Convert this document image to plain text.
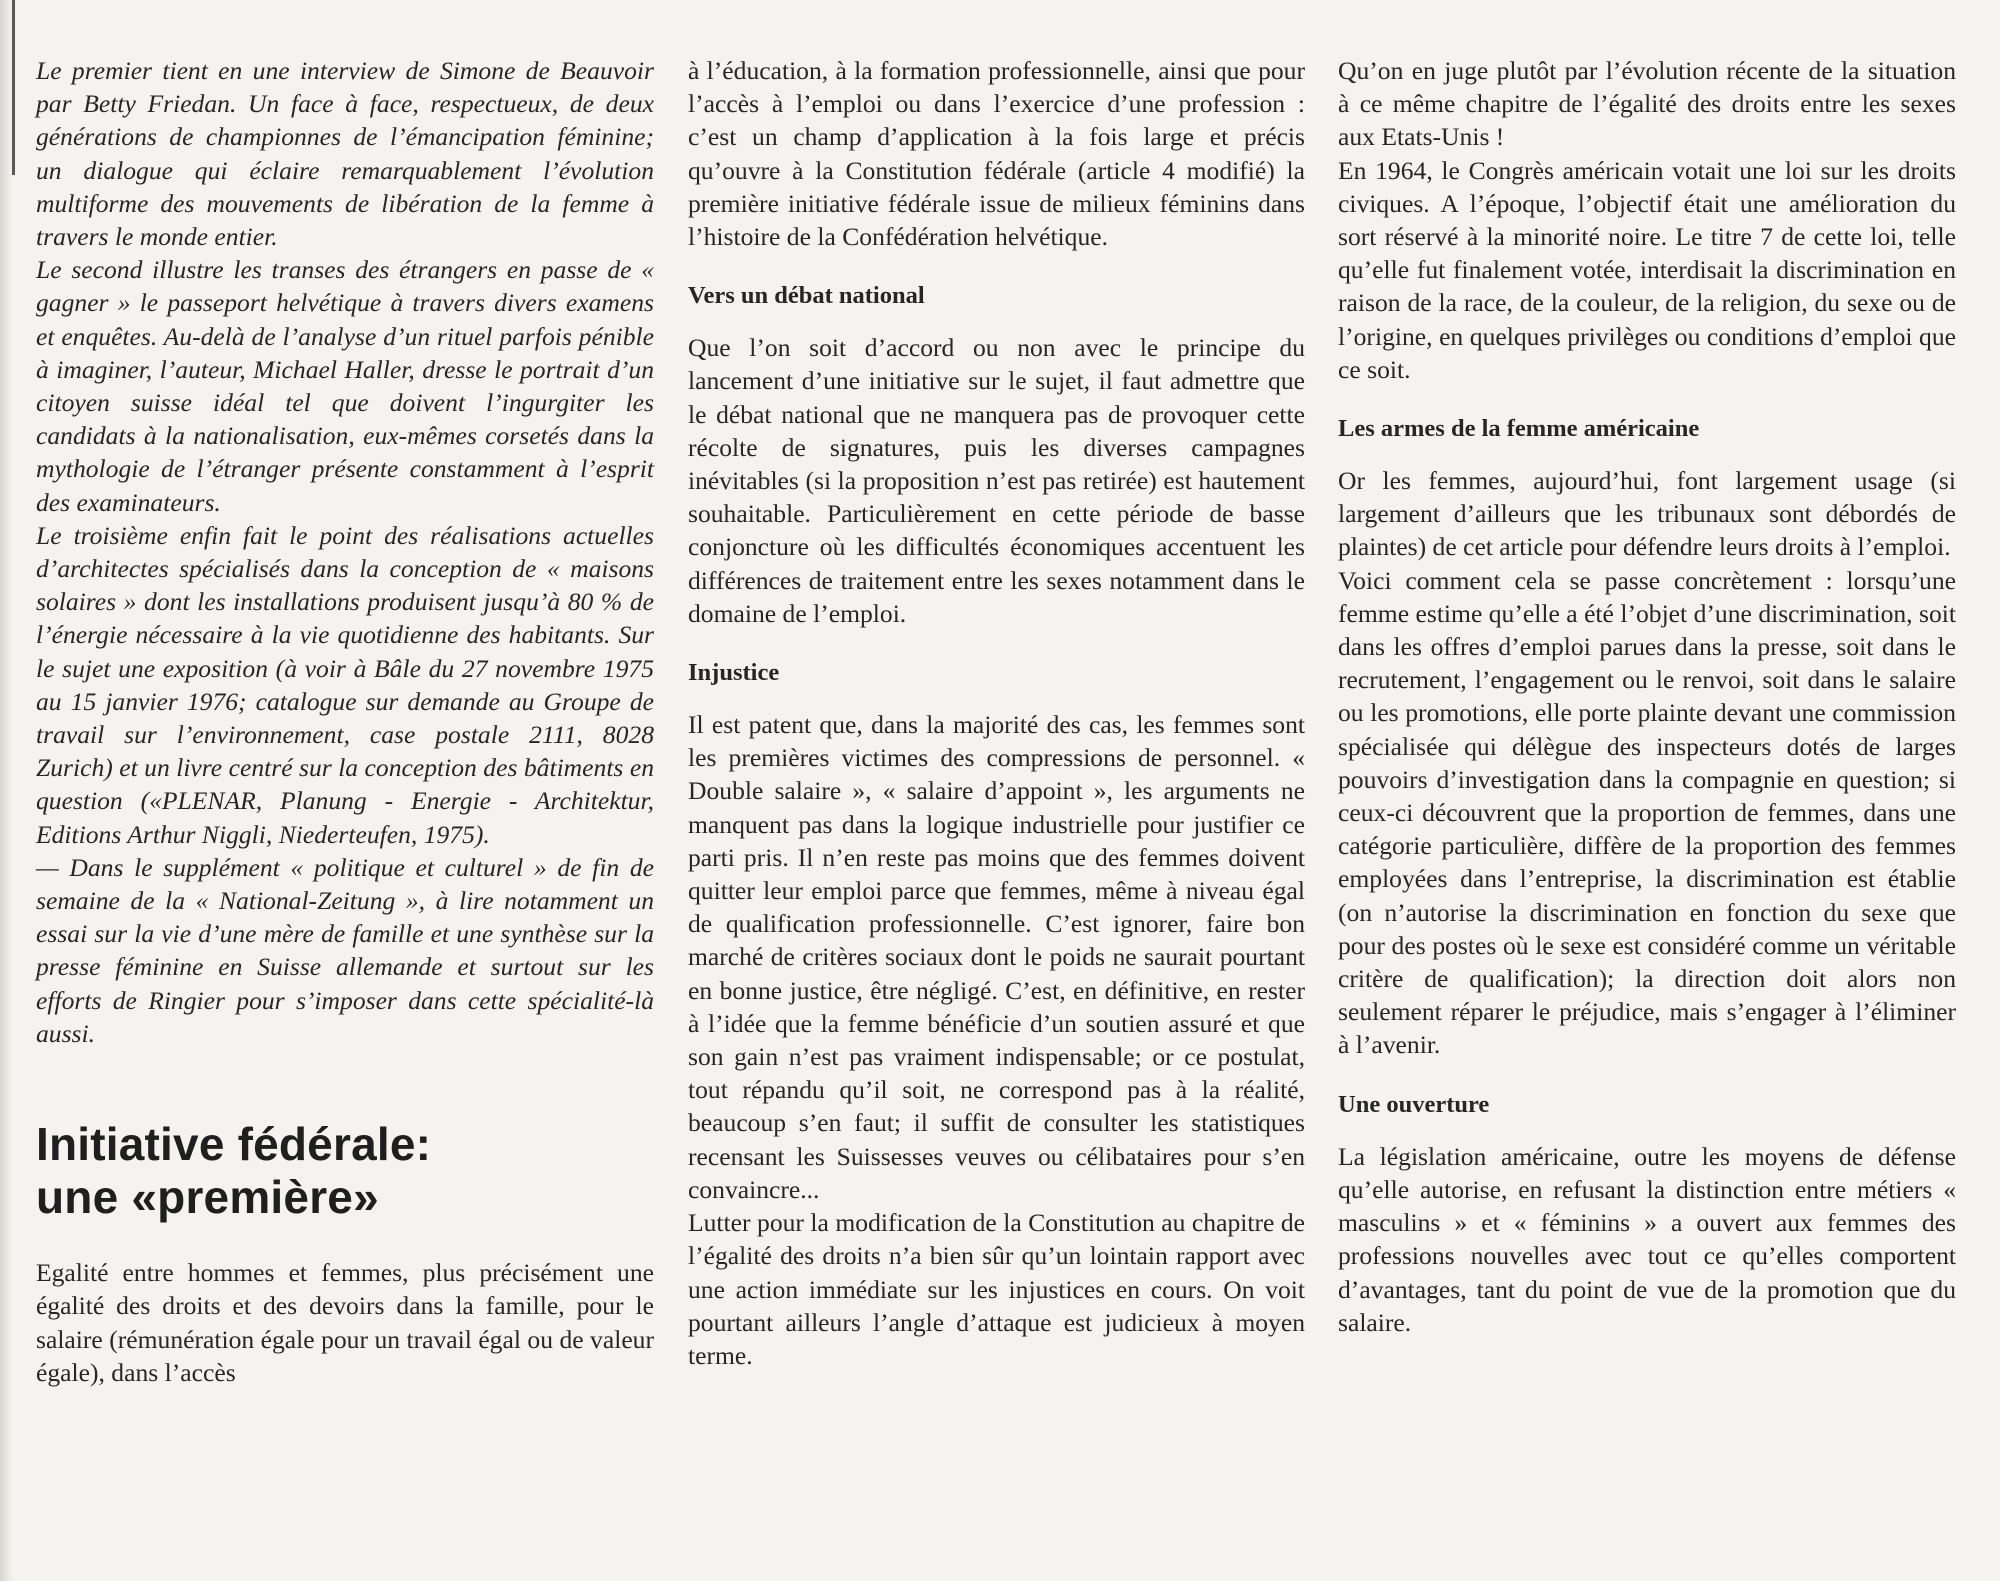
Le premier tient en une interview de Simone de Beauvoir par Betty Friedan. Un face à face, respectueux, de deux générations de championnes de l’émancipation féminine; un dialogue qui éclaire remarquablement l’évolution multiforme des mouvements de libération de la femme à travers le monde entier.

Le second illustre les transes des étrangers en passe de « gagner » le passeport helvétique à travers divers examens et enquêtes. Au-delà de l’analyse d’un rituel parfois pénible à imaginer, l’auteur, Michael Haller, dresse le portrait d’un citoyen suisse idéal tel que doivent l’ingurgiter les candidats à la nationalisation, eux-mêmes corsetés dans la mythologie de l’étranger présente constamment à l’esprit des examinateurs.

Le troisième enfin fait le point des réalisations actuelles d’architectes spécialisés dans la conception de « maisons solaires » dont les installations produisent jusqu’à 80 % de l’énergie nécessaire à la vie quotidienne des habitants. Sur le sujet une exposition (à voir à Bâle du 27 novembre 1975 au 15 janvier 1976; catalogue sur demande au Groupe de travail sur l’environnement, case postale 2111, 8028 Zurich) et un livre centré sur la conception des bâtiments en question («PLENAR, Planung - Energie - Architektur, Editions Arthur Niggli, Niederteufen, 1975).

— Dans le supplément « politique et culturel » de fin de semaine de la « National-Zeitung », à lire notamment un essai sur la vie d’une mère de famille et une synthèse sur la presse féminine en Suisse allemande et surtout sur les efforts de Ringier pour s’imposer dans cette spécialité-là aussi.

Initiative fédérale:
une «première»

Egalité entre hommes et femmes, plus précisément une égalité des droits et des devoirs dans la famille, pour le salaire (rémunération égale pour un travail égal ou de valeur égale), dans l’accès

à l’éducation, à la formation professionnelle, ainsi que pour l’accès à l’emploi ou dans l’exercice d’une profession : c’est un champ d’application à la fois large et précis qu’ouvre à la Constitution fédérale (article 4 modifié) la première initiative fédérale issue de milieux féminins dans l’histoire de la Confédération helvétique.

Vers un débat national

Que l’on soit d’accord ou non avec le principe du lancement d’une initiative sur le sujet, il faut admettre que le débat national que ne manquera pas de provoquer cette récolte de signatures, puis les diverses campagnes inévitables (si la proposition n’est pas retirée) est hautement souhaitable. Particulièrement en cette période de basse conjoncture où les difficultés économiques accentuent les différences de traitement entre les sexes notamment dans le domaine de l’emploi.

Injustice

Il est patent que, dans la majorité des cas, les femmes sont les premières victimes des compressions de personnel. « Double salaire », « salaire d’appoint », les arguments ne manquent pas dans la logique industrielle pour justifier ce parti pris. Il n’en reste pas moins que des femmes doivent quitter leur emploi parce que femmes, même à niveau égal de qualification professionnelle. C’est ignorer, faire bon marché de critères sociaux dont le poids ne saurait pourtant en bonne justice, être négligé. C’est, en définitive, en rester à l’idée que la femme bénéficie d’un soutien assuré et que son gain n’est pas vraiment indispensable; or ce postulat, tout répandu qu’il soit, ne correspond pas à la réalité, beaucoup s’en faut; il suffit de consulter les statistiques recensant les Suissesses veuves ou célibataires pour s’en convaincre...

Lutter pour la modification de la Constitution au chapitre de l’égalité des droits n’a bien sûr qu’un lointain rapport avec une action immédiate sur les injustices en cours. On voit pourtant ailleurs l’angle d’attaque est judicieux à moyen terme.

Qu’on en juge plutôt par l’évolution récente de la situation à ce même chapitre de l’égalité des droits entre les sexes aux Etats-Unis !

En 1964, le Congrès américain votait une loi sur les droits civiques. A l’époque, l’objectif était une amélioration du sort réservé à la minorité noire. Le titre 7 de cette loi, telle qu’elle fut finalement votée, interdisait la discrimination en raison de la race, de la couleur, de la religion, du sexe ou de l’origine, en quelques privilèges ou conditions d’emploi que ce soit.

Les armes de la femme américaine

Or les femmes, aujourd’hui, font largement usage (si largement d’ailleurs que les tribunaux sont débordés de plaintes) de cet article pour défendre leurs droits à l’emploi.

Voici comment cela se passe concrètement : lorsqu’une femme estime qu’elle a été l’objet d’une discrimination, soit dans les offres d’emploi parues dans la presse, soit dans le recrutement, l’engagement ou le renvoi, soit dans le salaire ou les promotions, elle porte plainte devant une commission spécialisée qui délègue des inspecteurs dotés de larges pouvoirs d’investigation dans la compagnie en question; si ceux-ci découvrent que la proportion de femmes, dans une catégorie particulière, diffère de la proportion des femmes employées dans l’entreprise, la discrimination est établie (on n’autorise la discrimination en fonction du sexe que pour des postes où le sexe est considéré comme un véritable critère de qualification); la direction doit alors non seulement réparer le préjudice, mais s’engager à l’éliminer à l’avenir.

Une ouverture

La législation américaine, outre les moyens de défense qu’elle autorise, en refusant la distinction entre métiers « masculins » et « féminins » a ouvert aux femmes des professions nouvelles avec tout ce qu’elles comportent d’avantages, tant du point de vue de la promotion que du salaire.
